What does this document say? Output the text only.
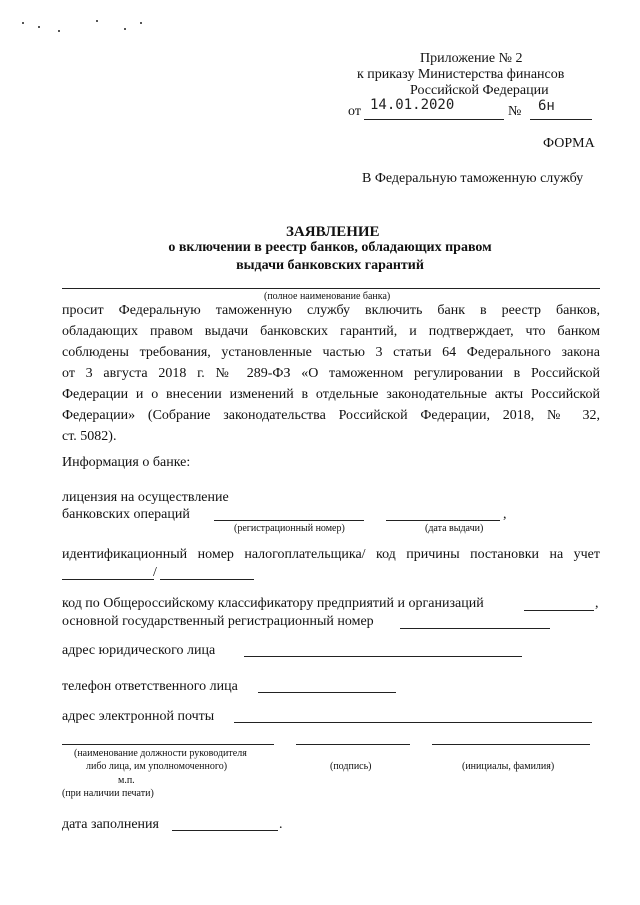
Приложение № 2
к приказу Министерства финансов
Российской Федерации
от 14.01.2020	№ 6н
ФОРМА
В Федеральную таможенную службу
ЗАЯВЛЕНИЕ
о включении в реестр банков, обладающих правом
выдачи банковских гарантий
(полное наименование банка)
просит Федеральную таможенную службу включить банк в реестр банков,
обладающих правом выдачи банковских гарантий, и подтверждает, что банком
соблюдены требования, установленные частью 3 статьи 64 Федерального закона
от 3 августа 2018 г. № 289-ФЗ «О таможенном регулировании в Российской
Федерации и о внесении изменений в отдельные законодательные акты Российской
Федерации» (Собрание законодательства Российской Федерации, 2018, № 32,
ст. 5082).
Информация о банке:
лицензия на осуществление
банковских операций	,
(регистрационный номер)	(дата выдачи)
идентификационный номер налогоплательщика/ код причины постановки на учет
/
код по Общероссийскому классификатору предприятий и организаций	,
основной государственный регистрационный номер
адрес юридического лица
телефон ответственного лица
адрес электронной почты
(наименование должности руководителя
либо лица, им уполномоченного)	(подпись)	(инициалы, фамилия)
м.п.
(при наличии печати)
дата заполнения	.
